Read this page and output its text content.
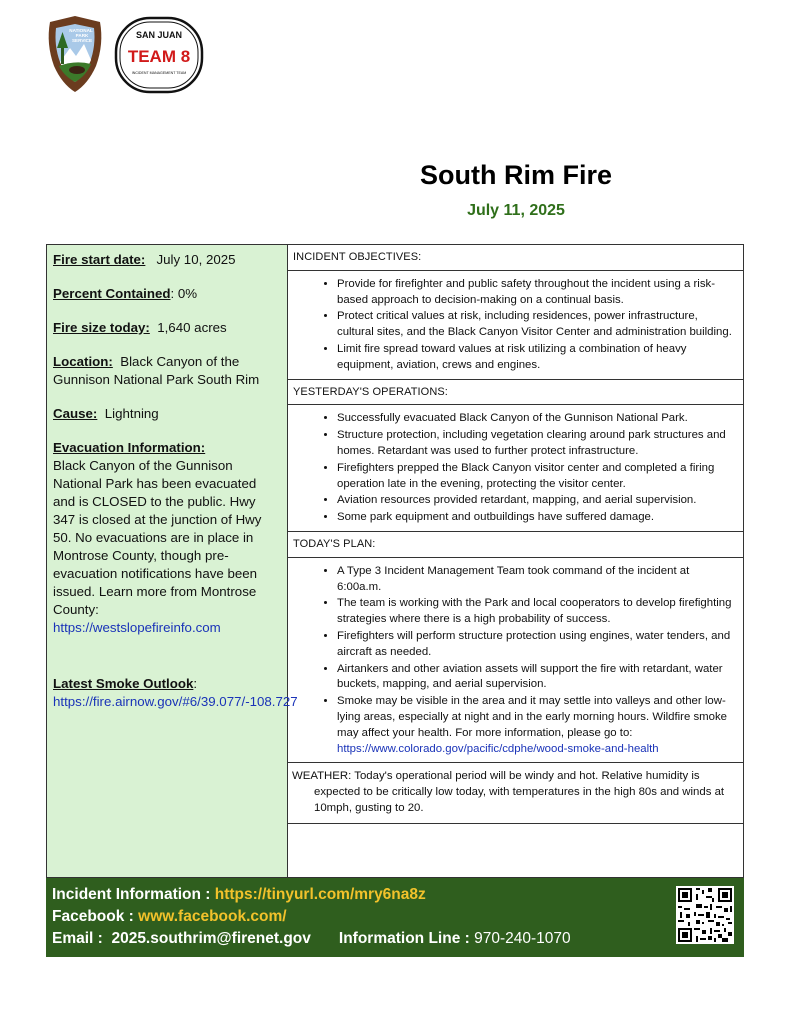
NATIONAL
PARK
SERVICE
SAN JUAN
TEAM 8
INCIDENT MANAGEMENT TEAM
South Rim Fire
July 11, 2025

Fire start date: July 10, 2025

Percent Contained: 0%

Fire size today: 1,640 acres

Location: Black Canyon of the Gunnison National Park South Rim

Cause: Lightning

Evacuation Information:
Black Canyon of the Gunnison National Park has been evacuated and is CLOSED to the public. Hwy 347 is closed at the junction of Hwy 50. No evacuations are in place in Montrose County, though pre-evacuation notifications have been issued. Learn more from Montrose County:
https://westslopefireinfo.com

Latest Smoke Outlook:
https://fire.airnow.gov/#6/39.077/-108.727

INCIDENT OBJECTIVES:
• Provide for firefighter and public safety throughout the incident using a risk-based approach to decision-making on a continual basis.
• Protect critical values at risk, including residences, power infrastructure, cultural sites, and the Black Canyon Visitor Center and administration building.
• Limit fire spread toward values at risk utilizing a combination of heavy equipment, aviation, crews and engines.
YESTERDAY'S OPERATIONS:
• Successfully evacuated Black Canyon of the Gunnison National Park.
• Structure protection, including vegetation clearing around park structures and homes. Retardant was used to further protect infrastructure.
• Firefighters prepped the Black Canyon visitor center and completed a firing operation late in the evening, protecting the visitor center.
• Aviation resources provided retardant, mapping, and aerial supervision.
• Some park equipment and outbuildings have suffered damage.
TODAY'S PLAN:
• A Type 3 Incident Management Team took command of the incident at 6:00a.m.
• The team is working with the Park and local cooperators to develop firefighting strategies where there is a high probability of success.
• Firefighters will perform structure protection using engines, water tenders, and aircraft as needed.
• Airtankers and other aviation assets will support the fire with retardant, water buckets, mapping, and aerial supervision.
• Smoke may be visible in the area and it may settle into valleys and other low-lying areas, especially at night and in the early morning hours. Wildfire smoke may affect your health. For more information, please go to:  https://www.colorado.gov/pacific/cdphe/wood-smoke-and-health
WEATHER: Today's operational period will be windy and hot. Relative humidity is expected to be critically low today, with temperatures in the high 80s and winds at 10mph, gusting to 20.
Incident Information : https://tinyurl.com/mry6na8z
Facebook : www.facebook.com/
Email : 2025.southrim@firenet.gov Information Line : 970-240-1070
